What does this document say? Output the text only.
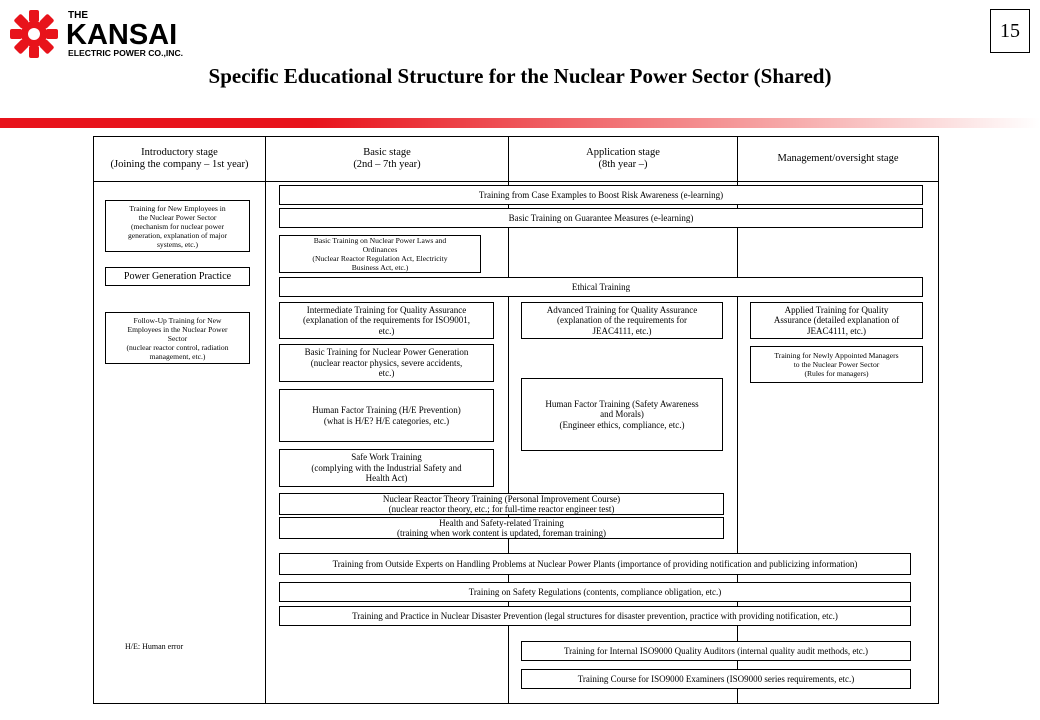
THE
KANSAI
ELECTRIC POWER CO.,INC.
15
Specific Educational Structure for the Nuclear Power Sector (Shared)
Introductory stage
(Joining the company – 1st year)
Basic stage
(2nd – 7th year)
Application stage
(8th year –)
Management/oversight stage
Training for New Employees in
the Nuclear Power Sector
(mechanism for nuclear power
generation, explanation of major
systems, etc.)
Power Generation Practice
Follow-Up Training for New
Employees in the Nuclear Power
Sector
(nuclear reactor control, radiation
management, etc.)
Training from Case Examples to Boost Risk Awareness (e-learning)
Basic Training on Guarantee Measures (e-learning)
Basic Training on Nuclear Power Laws and
Ordinances
(Nuclear Reactor Regulation Act, Electricity
Business Act, etc.)
Ethical Training
Intermediate Training for Quality Assurance
(explanation of the requirements for ISO9001,
etc.)
Advanced Training for Quality Assurance
(explanation of the requirements for
JEAC4111, etc.)
Applied Training for Quality
Assurance (detailed explanation of
JEAC4111, etc.)
Basic Training for Nuclear Power Generation
(nuclear reactor physics, severe accidents,
etc.)
Training for Newly Appointed Managers
to the Nuclear Power Sector
(Rules for managers)
Human Factor Training (H/E Prevention)
(what is H/E? H/E categories, etc.)
Human Factor Training (Safety Awareness
and Morals)
(Engineer ethics, compliance, etc.)
Safe Work Training
(complying with the Industrial Safety and
Health Act)
Nuclear Reactor Theory Training (Personal Improvement Course)
(nuclear reactor theory, etc.; for full-time reactor engineer test)
Health and Safety-related Training
(training when work content is updated, foreman training)
Training from Outside Experts on Handling Problems at Nuclear Power Plants (importance of providing notification and publicizing information)
Training on Safety Regulations (contents, compliance obligation, etc.)
Training and Practice in Nuclear Disaster Prevention (legal structures for disaster prevention, practice with providing notification, etc.)
Training for Internal ISO9000 Quality Auditors (internal quality audit methods, etc.)
Training Course for ISO9000 Examiners (ISO9000 series requirements, etc.)
H/E: Human error
